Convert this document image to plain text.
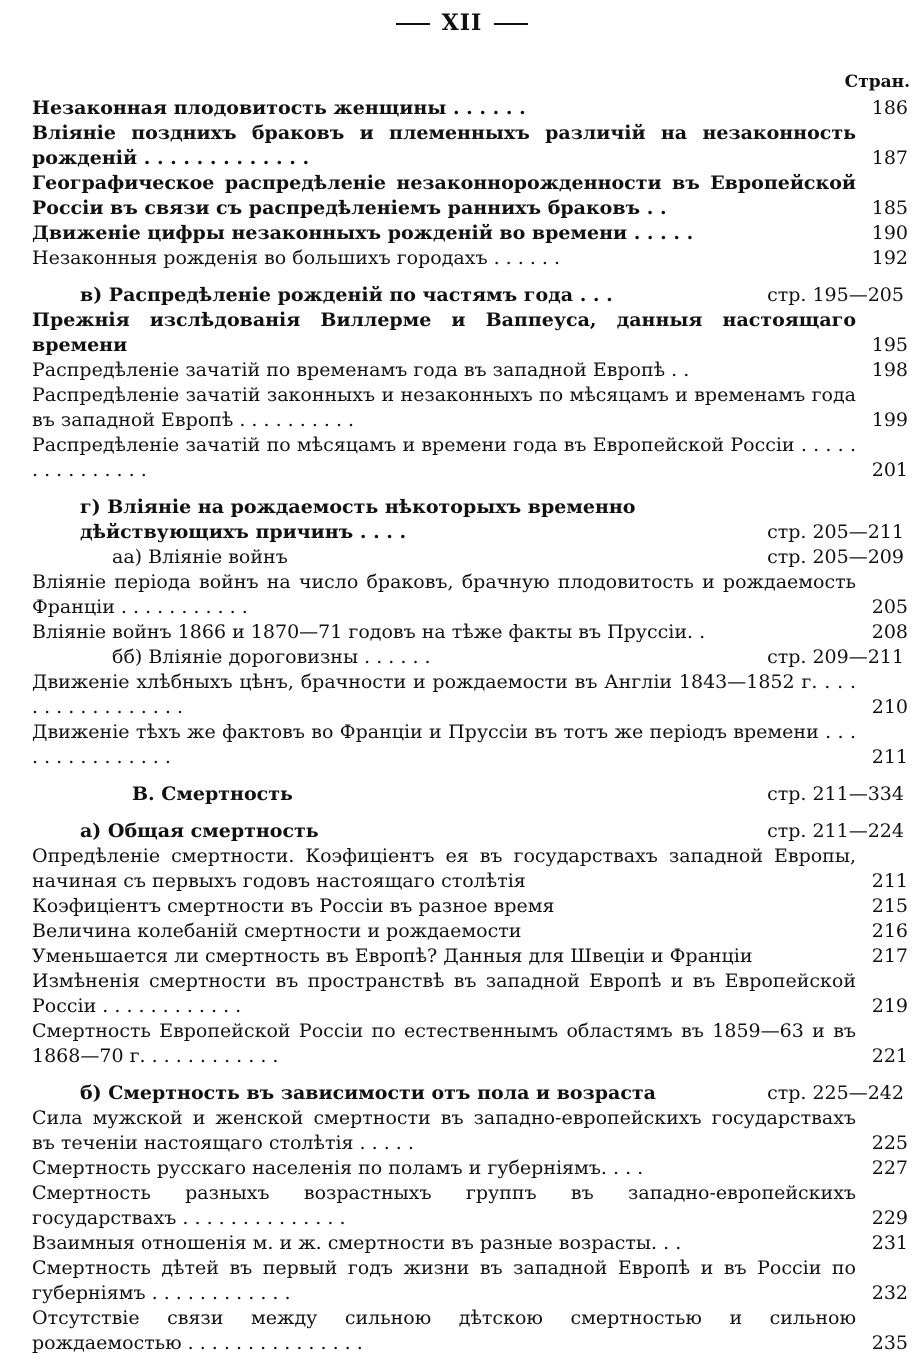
XII
Стран.
Незаконная плодовитость женщины . . . . . .	186
Вліяніе позднихъ браковъ и племенныхъ различій на незаконность рожденій . . . . . . . . . . . . .	187
Географическое распредѣленіе незаконнорожденности въ Европейской Россіи въ связи съ распредѣленіемъ раннихъ браковъ . .	185
Движеніе цифры незаконныхъ рожденій во времени . . . . .	190
Незаконныя рожденія во большихъ городахъ . . . . . .	192
в) Распредѣленіе рожденій по частямъ года . . .	стр. 195—205
Прежнія изслѣдованія Виллерме и Ваппеуса, данныя настоящаго времени	195
Распредѣленіе зачатій по временамъ года въ западной Европѣ . .	198
Распредѣленіе зачатій законныхъ и незаконныхъ по мѣсяцамъ и временамъ года въ западной Европѣ . . . . . . . . . .	199
Распредѣленіе зачатій по мѣсяцамъ и времени года въ Европейской Россіи . . . . . . . . . . . . . . .	201
г) Вліяніе на рождаемость нѣкоторыхъ временно дѣйствующихъ причинъ . . . .	стр. 205—211
аа) Вліяніе войнъ	стр. 205—209
Вліяніе періода войнъ на число браковъ, брачную плодовитость и рождаемость Франціи . . . . . . . . . . .	205
Вліяніе войнъ 1866 и 1870—71 годовъ на тѣже факты въ Пруссіи. .	208
бб) Вліяніе дороговизны . . . . . .	стр. 209—211
Движеніе хлѣбныхъ цѣнъ, брачности и рождаемости въ Англіи 1843—1852 г. . . . . . . . . . . . . . . . .	210
Движеніе тѣхъ же фактовъ во Франціи и Пруссіи въ тотъ же періодъ времени . . . . . . . . . . . . . . .	211
В. Смертность	стр. 211—334
а) Общая смертность	стр. 211—224
Опредѣленіе смертности. Коэфиціентъ ея въ государствахъ западной Европы, начиная съ первыхъ годовъ настоящаго столѣтія	211
Коэфиціентъ смертности въ Россіи въ разное время	215
Величина колебаній смертности и рождаемости	216
Уменьшается ли смертность въ Европѣ? Данныя для Швеціи и Франціи	217
Измѣненія смертности въ пространствѣ въ западной Европѣ и въ Европейской Россіи . . . . . . . . . . . .	219
Смертность Европейской Россіи по естественнымъ областямъ въ 1859—63 и въ 1868—70 г. . . . . . . . . . . .	221
б) Смертность въ зависимости отъ пола и возраста	стр. 225—242
Сила мужской и женской смертности въ западно-европейскихъ государствахъ въ теченіи настоящаго столѣтія . . . . .	225
Смертность русскаго населенія по поламъ и губерніямъ. . . .	227
Смертность разныхъ возрастныхъ группъ въ западно-европейскихъ государствахъ . . . . . . . . . . . . . .	229
Взаимныя отношенія м. и ж. смертности въ разные возрасты. . .	231
Смертность дѣтей въ первый годъ жизни въ западной Европѣ и въ Россіи по губерніямъ . . . . . . . . . . . .	232
Отсутствіе связи между сильною дѣтскою смертностью и сильною рождаемостью . . . . . . . . . . . . . . .	235
